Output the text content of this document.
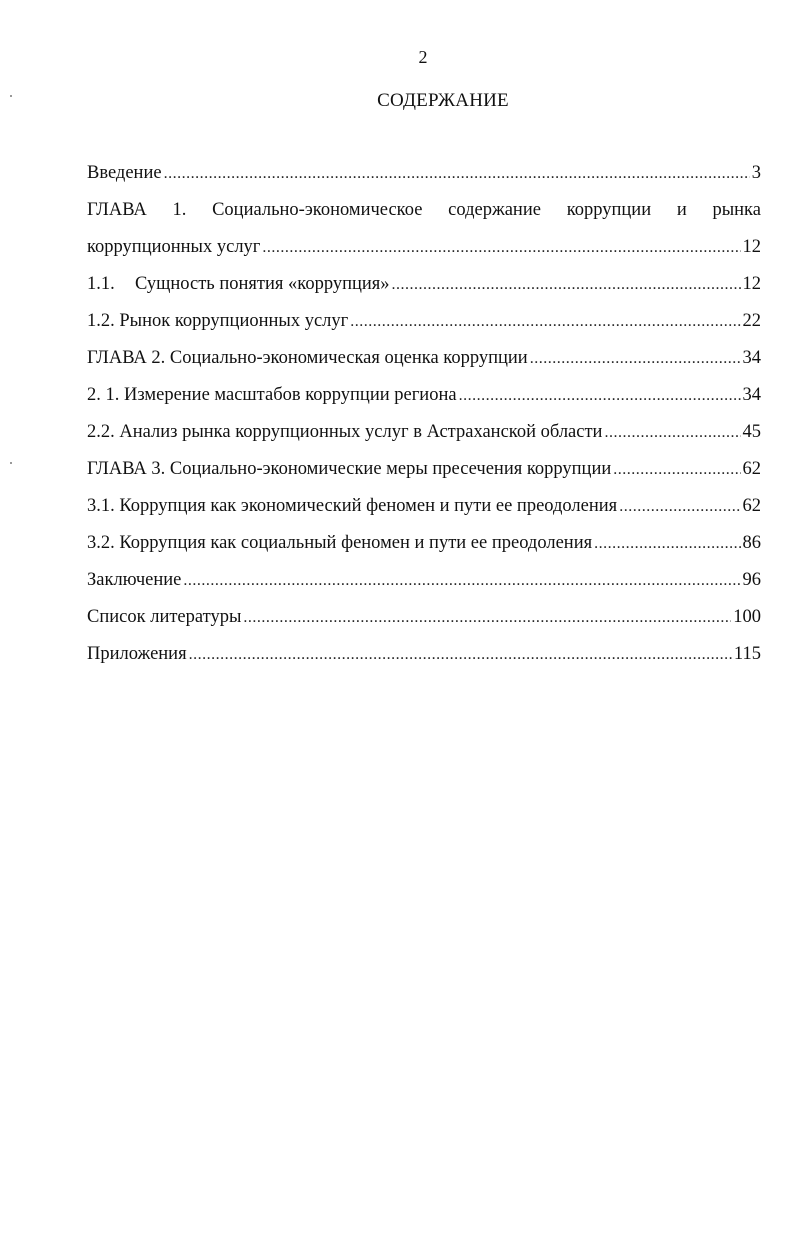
2
СОДЕРЖАНИЕ
Введение .....	3
ГЛАВА 1. Социально-экономическое содержание коррупции и рынка
коррупционных услуг .....	12
1.1. Сущность понятия «коррупция» .....	12
1.2. Рынок коррупционных услуг .....	22
ГЛАВА 2. Социально-экономическая оценка коррупции .....	34
2. 1. Измерение масштабов коррупции региона .....	34
2.2. Анализ рынка коррупционных услуг в Астраханской области .....	45
ГЛАВА 3. Социально-экономические меры пресечения коррупции .....	62
3.1. Коррупция как экономический феномен и пути ее преодоления .....	62
3.2. Коррупция как социальный феномен и пути ее преодоления .....	86
Заключение .....	96
Список литературы .....	100
Приложения .....	115
